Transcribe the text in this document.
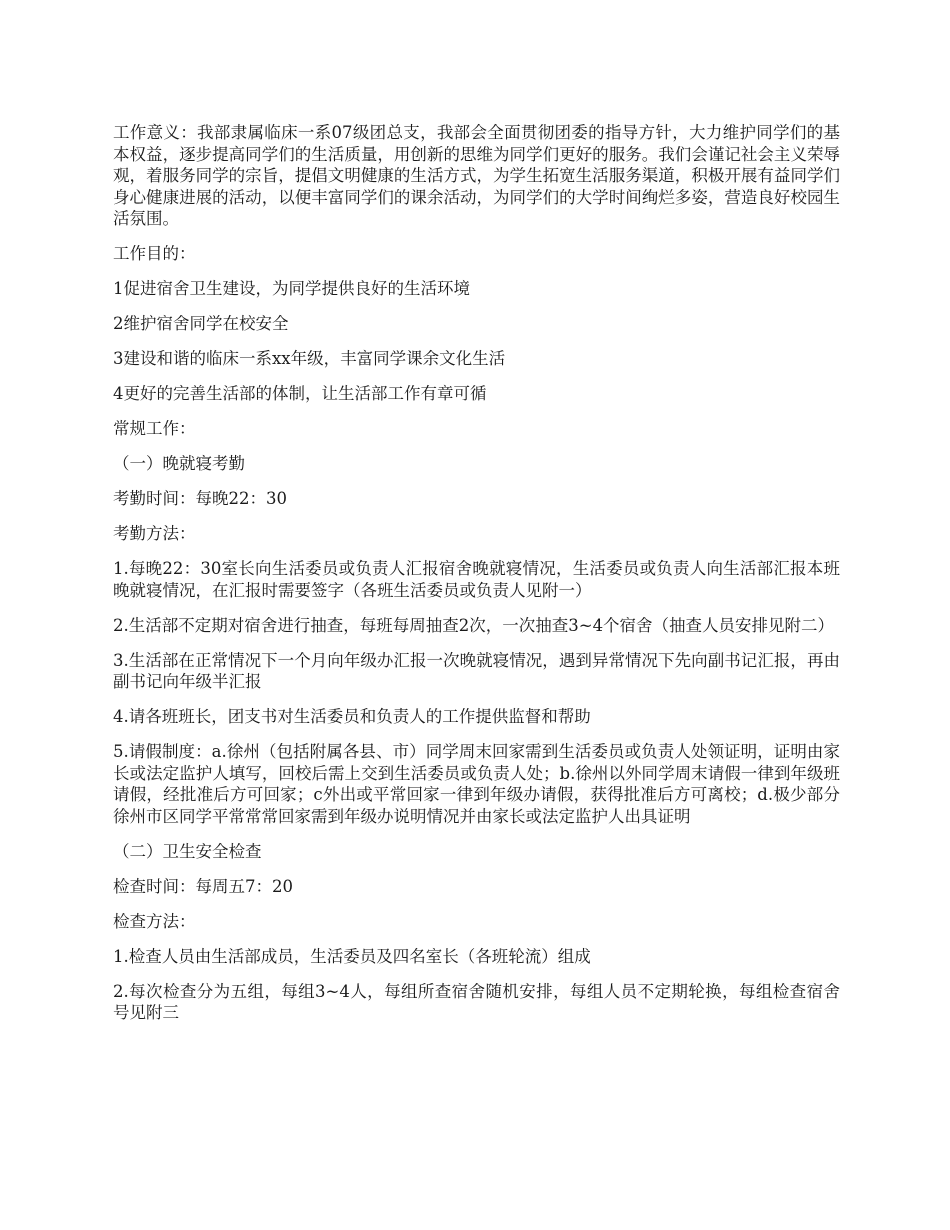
工作意义：我部隶属临床一系07级团总支，我部会全面贯彻团委的指导方针，大力维护同学们的基本权益，逐步提高同学们的生活质量，用创新的思维为同学们更好的服务。我们会谨记社会主义荣辱观，着服务同学的宗旨，提倡文明健康的生活方式，为学生拓宽生活服务渠道，积极开展有益同学们身心健康进展的活动，以便丰富同学们的课余活动，为同学们的大学时间绚烂多姿，营造良好校园生活氛围。

工作目的：

1促进宿舍卫生建设，为同学提供良好的生活环境

2维护宿舍同学在校安全

3建设和谐的临床一系xx年级，丰富同学课余文化生活

4更好的完善生活部的体制，让生活部工作有章可循

常规工作：

（一）晚就寝考勤

考勤时间：每晚22：30

考勤方法：

1.每晚22：30室长向生活委员或负责人汇报宿舍晚就寝情况，生活委员或负责人向生活部汇报本班晚就寝情况，在汇报时需要签字（各班生活委员或负责人见附一）

2.生活部不定期对宿舍进行抽查，每班每周抽查2次，一次抽查3~4个宿舍（抽查人员安排见附二）

3.生活部在正常情况下一个月向年级办汇报一次晚就寝情况，遇到异常情况下先向副书记汇报，再由副书记向年级半汇报

4.请各班班长，团支书对生活委员和负责人的工作提供监督和帮助

5.请假制度：a.徐州（包括附属各县、市）同学周末回家需到生活委员或负责人处领证明，证明由家长或法定监护人填写，回校后需上交到生活委员或负责人处；b.徐州以外同学周末请假一律到年级班请假，经批准后方可回家；c外出或平常回家一律到年级办请假，获得批准后方可离校；d.极少部分徐州市区同学平常常常回家需到年级办说明情况并由家长或法定监护人出具证明

（二）卫生安全检查

检查时间：每周五7：20

检查方法：

1.检查人员由生活部成员，生活委员及四名室长（各班轮流）组成

2.每次检查分为五组，每组3~4人，每组所查宿舍随机安排，每组人员不定期轮换，每组检查宿舍号见附三
